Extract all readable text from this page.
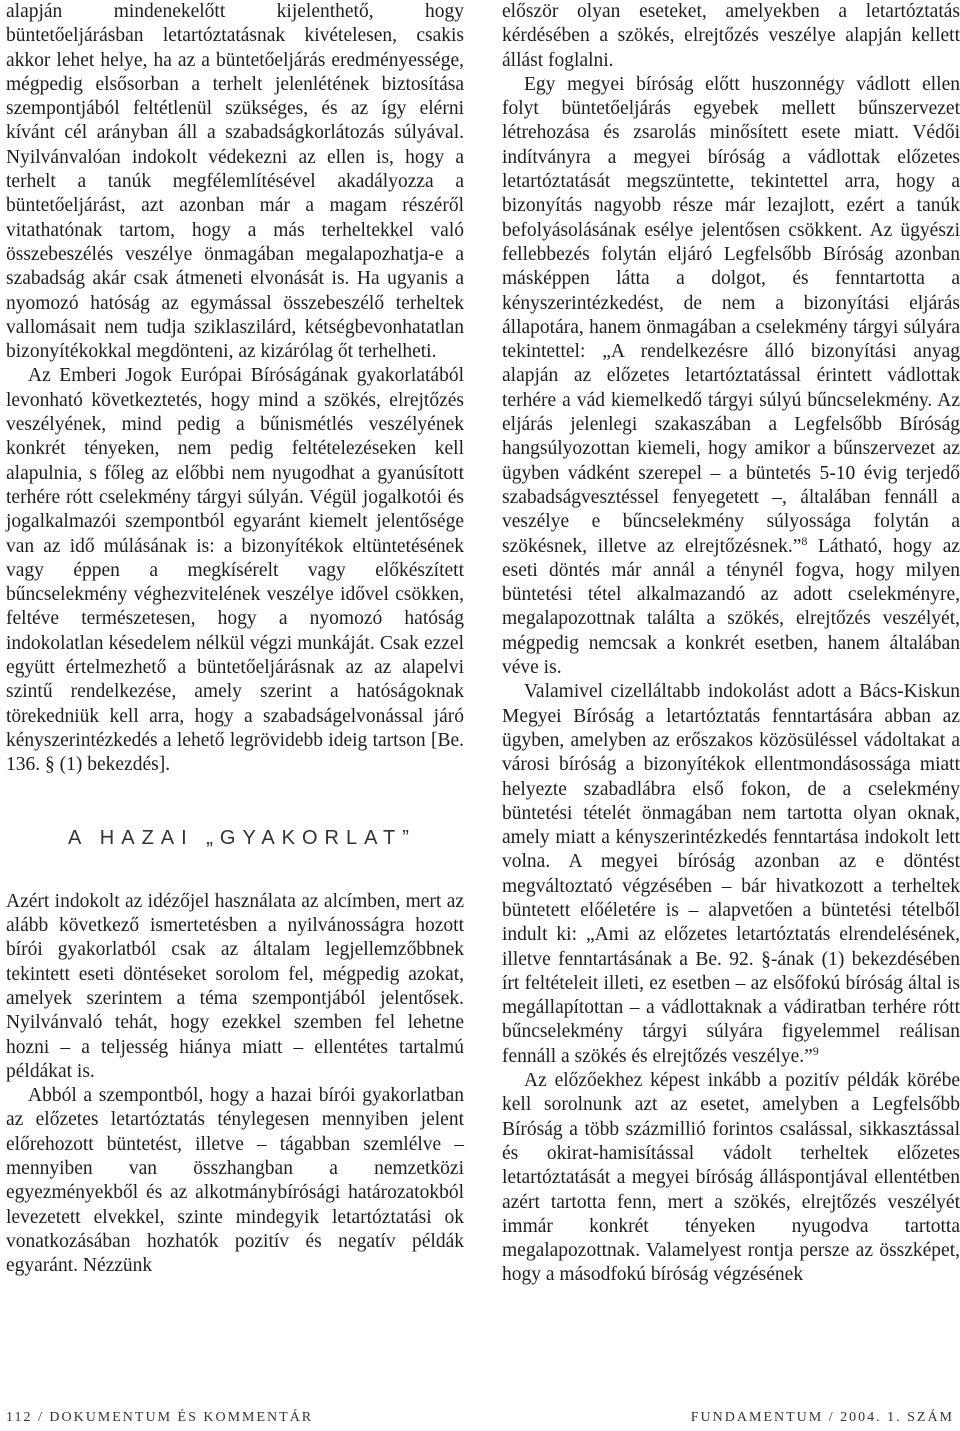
alapján mindenekelőtt kijelenthető, hogy büntetőeljárásban letartóztatásnak kivételesen, csakis akkor lehet helye, ha az a büntetőeljárás eredményessége, mégpedig elsősorban a terhelt jelenlétének biztosítása szempontjából feltétlenül szükséges, és az így elérni kívánt cél arányban áll a szabadságkorlátozás súlyával. Nyilvánvalóan indokolt védekezni az ellen is, hogy a terhelt a tanúk megfélemlítésével akadályozza a büntetőeljárást, azt azonban már a magam részéről vitathatónak tartom, hogy a más terheltekkel való összebeszélés veszélye önmagában megalapozhatja-e a szabadság akár csak átmeneti elvonását is. Ha ugyanis a nyomozó hatóság az egymással összebeszélő terheltek vallomásait nem tudja sziklaszilárd, kétségbevonhatatlan bizonyítékokkal megdönteni, az kizárólag őt terhelheti.

Az Emberi Jogok Európai Bíróságának gyakorlatából levonható következtetés, hogy mind a szökés, elrejtőzés veszélyének, mind pedig a bűnismétlés veszélyének konkrét tényeken, nem pedig feltételezéseken kell alapulnia, s főleg az előbbi nem nyugodhat a gyanúsított terhére rótt cselekmény tárgyi súlyán. Végül jogalkotói és jogalkalmazói szempontból egyaránt kiemelt jelentősége van az idő múlásának is: a bizonyítékok eltüntetésének vagy éppen a megkísérelt vagy előkészített bűncselekmény véghezvitelének veszélye idővel csökken, feltéve természetesen, hogy a nyomozó hatóság indokolatlan késedelem nélkül végzi munkáját. Csak ezzel együtt értelmezhető a büntetőeljárásnak az az alapelvi szintű rendelkezése, amely szerint a hatóságoknak törekedniük kell arra, hogy a szabadságelvonással járó kényszerintézkedés a lehető legrövidebb ideig tartson [Be. 136. § (1) bekezdés].

A HAZAI „GYAKORLAT”

Azért indokolt az idézőjel használata az alcímben, mert az alább következő ismertetésben a nyilvánosságra hozott bírói gyakorlatból csak az általam legjellemzőbbnek tekintett eseti döntéseket sorolom fel, mégpedig azokat, amelyek szerintem a téma szempontjából jelentősek. Nyilvánvaló tehát, hogy ezekkel szemben fel lehetne hozni – a teljesség hiánya miatt – ellentétes tartalmú példákat is.

Abból a szempontból, hogy a hazai bírói gyakorlatban az előzetes letartóztatás ténylegesen mennyiben jelent előrehozott büntetést, illetve – tágabban szemlélve – mennyiben van összhangban a nemzetközi egyezményekből és az alkotmánybírósági határozatokból levezetett elvekkel, szinte mindegyik letartóztatási ok vonatkozásában hozhatók pozitív és negatív példák egyaránt. Nézzünk

először olyan eseteket, amelyekben a letartóztatás kérdésében a szökés, elrejtőzés veszélye alapján kellett állást foglalni.

Egy megyei bíróság előtt huszonnégy vádlott ellen folyt büntetőeljárás egyebek mellett bűnszervezet létrehozása és zsarolás minősített esete miatt. Védői indítványra a megyei bíróság a vádlottak előzetes letartóztatását megszüntette, tekintettel arra, hogy a bizonyítás nagyobb része már lezajlott, ezért a tanúk befolyásolásának esélye jelentősen csökkent. Az ügyészi fellebbezés folytán eljáró Legfelsőbb Bíróság azonban másképpen látta a dolgot, és fenntartotta a kényszerintézkedést, de nem a bizonyítási eljárás állapotára, hanem önmagában a cselekmény tárgyi súlyára tekintettel: „A rendelkezésre álló bizonyítási anyag alapján az előzetes letartóztatással érintett vádlottak terhére a vád kiemelkedő tárgyi súlyú bűncselekmény. Az eljárás jelenlegi szakaszában a Legfelsőbb Bíróság hangsúlyozottan kiemeli, hogy amikor a bűnszervezet az ügyben vádként szerepel – a büntetés 5-10 évig terjedő szabadságvesztéssel fenyegetett –, általában fennáll a veszélye e bűncselekmény súlyossága folytán a szökésnek, illetve az elrejtőzésnek.”$^8$ Látható, hogy az eseti döntés már annál a ténynél fogva, hogy milyen büntetési tétel alkalmazandó az adott cselekményre, megalapozottnak találta a szökés, elrejtőzés veszélyét, mégpedig nemcsak a konkrét esetben, hanem általában véve is.

Valamivel cizelláltabb indokolást adott a Bács-Kiskun Megyei Bíróság a letartóztatás fenntartására abban az ügyben, amelyben az erőszakos közösüléssel vádoltakat a városi bíróság a bizonyítékok ellentmondásossága miatt helyezte szabadlábra első fokon, de a cselekmény büntetési tételét önmagában nem tartotta olyan oknak, amely miatt a kényszerintézkedés fenntartása indokolt lett volna. A megyei bíróság azonban az e döntést megváltoztató végzésében – bár hivatkozott a terheltek büntetett előéletére is – alapvetően a büntetési tételből indult ki: „Ami az előzetes letartóztatás elrendelésének, illetve fenntartásának a Be. 92. §-ának (1) bekezdésében írt feltételeit illeti, ez esetben – az elsőfokú bíróság által is megállapítottan – a vádlottaknak a vádiratban terhére rótt bűncselekmény tárgyi súlyára figyelemmel reálisan fennáll a szökés és elrejtőzés veszélye.”$^9$

Az előzőekhez képest inkább a pozitív példák körébe kell sorolnunk azt az esetet, amelyben a Legfelsőbb Bíróság a több százmillió forintos csalással, sikkasztással és okirat-hamisítással vádolt terheltek előzetes letartóztatását a megyei bíróság álláspontjával ellentétben azért tartotta fenn, mert a szökés, elrejtőzés veszélyét immár konkrét tényeken nyugodva tartotta megalapozottnak. Valamelyest rontja persze az összképet, hogy a másodfokú bíróság végzésének

112 / DOKUMENTUM ÉS KOMMENTÁR	FUNDAMENTUM / 2004. 1. SZÁM
